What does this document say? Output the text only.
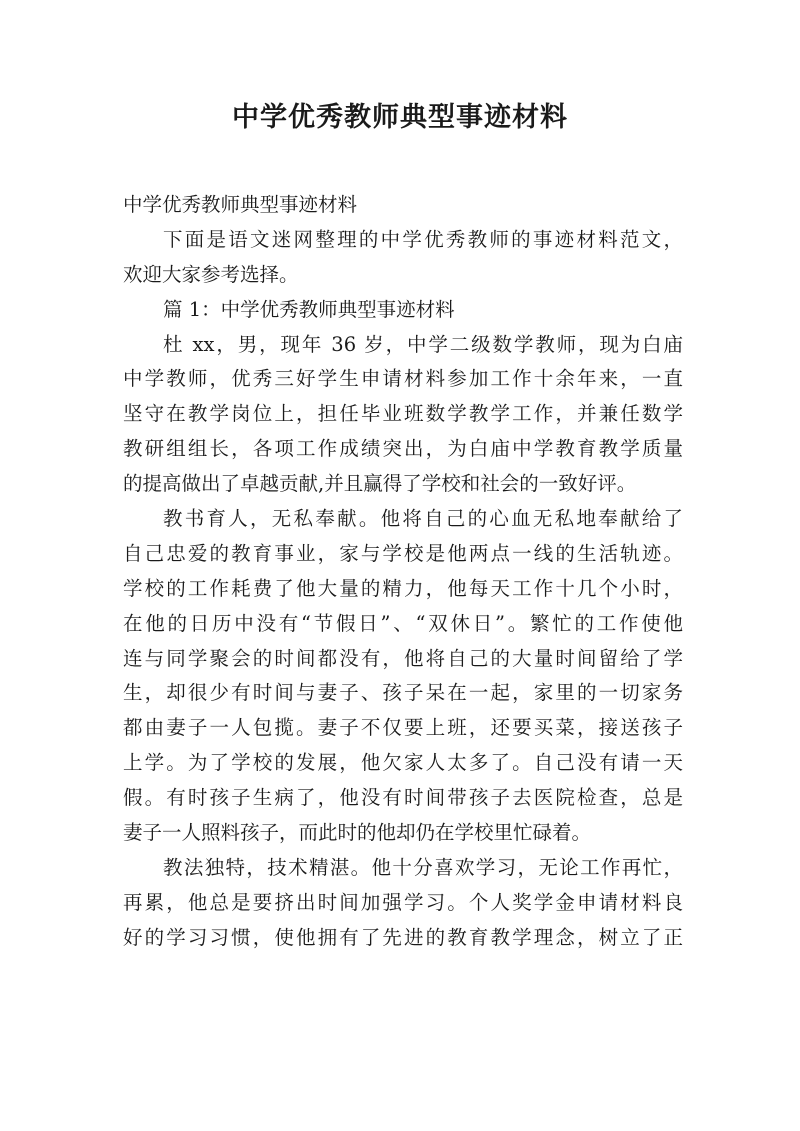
中学优秀教师典型事迹材料
中学优秀教师典型事迹材料
下面是语文迷网整理的中学优秀教师的事迹材料范文，
欢迎大家参考选择。
篇 1：中学优秀教师典型事迹材料
杜 xx，男，现年 36 岁，中学二级数学教师，现为白庙
中学教师，优秀三好学生申请材料参加工作十余年来，一直
坚守在教学岗位上，担任毕业班数学教学工作，并兼任数学
教研组组长，各项工作成绩突出，为白庙中学教育教学质量
的提高做出了卓越贡献,并且赢得了学校和社会的一致好评。
教书育人，无私奉献。他将自己的心血无私地奉献给了
自己忠爱的教育事业，家与学校是他两点一线的生活轨迹。
学校的工作耗费了他大量的精力，他每天工作十几个小时，
在他的日历中没有“节假日”、“双休日”。繁忙的工作使他
连与同学聚会的时间都没有，他将自己的大量时间留给了学
生，却很少有时间与妻子、孩子呆在一起，家里的一切家务
都由妻子一人包揽。妻子不仅要上班，还要买菜，接送孩子
上学。为了学校的发展，他欠家人太多了。自己没有请一天
假。有时孩子生病了，他没有时间带孩子去医院检查，总是
妻子一人照料孩子，而此时的他却仍在学校里忙碌着。
教法独特，技术精湛。他十分喜欢学习，无论工作再忙，
再累，他总是要挤出时间加强学习。个人奖学金申请材料良
好的学习习惯，使他拥有了先进的教育教学理念，树立了正
